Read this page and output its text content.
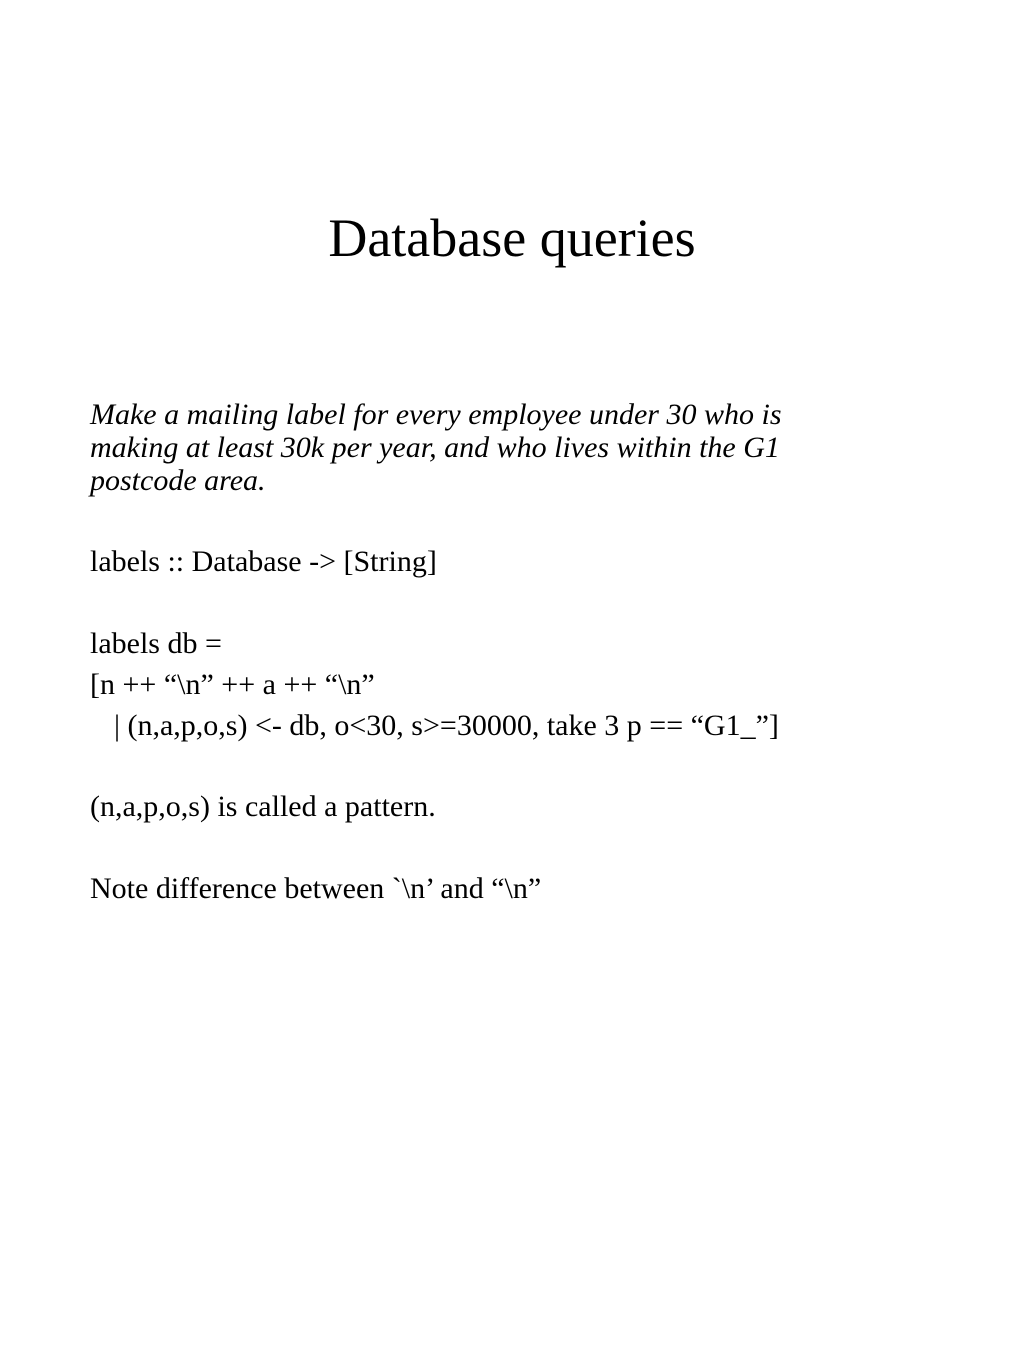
Database queries

Make a mailing label for every employee under 30 who is
making at least 30k per year, and who lives within the G1
postcode area.

labels :: Database -> [String]

labels db =

[n ++ “\n” ++ a ++ “\n”

| (n,a,p,o,s) <- db, o<30, s>=30000, take 3 p == “G1_”]

(n,a,p,o,s) is called a pattern.

Note difference between `\n’ and “\n”
